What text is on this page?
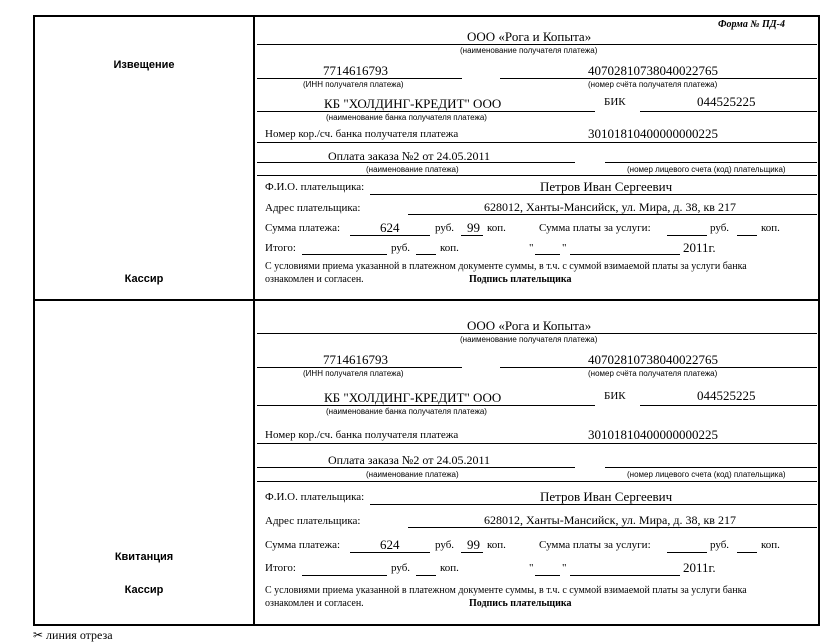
Извещение
Кассир
Квитанция
Кассир
Форма № ПД-4
ООО «Рога и Копыта»
(наименование получателя платежа)
7714616793	40702810738040022765
(ИНН получателя платежа)	(номер счёта получателя платежа)
КБ "ХОЛДИНГ-КРЕДИТ" ООО	БИК	044525225
(наименование банка получателя платежа)
Номер кор./сч. банка получателя платежа	30101810400000000225
Оплата заказа №2 от 24.05.2011
(наименование платежа)	(номер лицевого счета (код) плательщика)
Ф.И.О. плательщика:	Петров Иван Сергеевич
Адрес плательщика:	628012, Ханты-Мансийск, ул. Мира, д. 38, кв 217
Сумма платежа:	624	руб. 99 коп.	Сумма платы за услуги:	руб.	коп.
Итого:	руб.	коп.	"	"	2011г.
С условиями приема указанной в платежном документе суммы, в т.ч. с суммой взимаемой платы за услуги банка
ознакомлен и согласен.	Подпись плательщика
ООО «Рога и Копыта»
(наименование получателя платежа)
7714616793	40702810738040022765
(ИНН получателя платежа)	(номер счёта получателя платежа)
КБ "ХОЛДИНГ-КРЕДИТ" ООО	БИК	044525225
(наименование банка получателя платежа)
Номер кор./сч. банка получателя платежа	30101810400000000225
Оплата заказа №2 от 24.05.2011
(наименование платежа)	(номер лицевого счета (код) плательщика)
Ф.И.О. плательщика:	Петров Иван Сергеевич
Адрес плательщика:	628012, Ханты-Мансийск, ул. Мира, д. 38, кв 217
Сумма платежа:	624	руб. 99 коп.	Сумма платы за услуги:	руб.	коп.
Итого:	руб.	коп.	"	"	2011г.
С условиями приема указанной в платежном документе суммы, в т.ч. с суммой взимаемой платы за услуги банка
ознакомлен и согласен.	Подпись плательщика
✂ линия отреза
